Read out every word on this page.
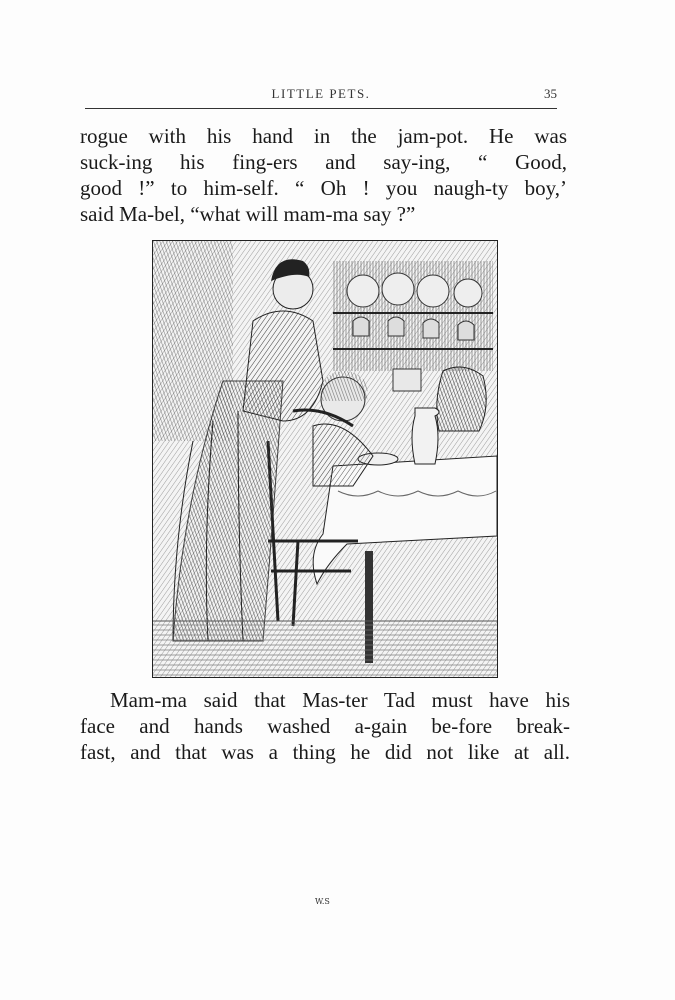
LITTLE PETS.	35
rogue with his hand in the jam-pot. He was
suck-ing his fing-ers and say-ing, “ Good,
good !” to him-self. “ Oh ! you naugh-ty boy,’
said Ma-bel, “what will mam-ma say ?”
W.S
Mam-ma said that Mas-ter Tad must have his
face and hands washed a-gain be-fore break-
fast, and that was a thing he did not like at all.
